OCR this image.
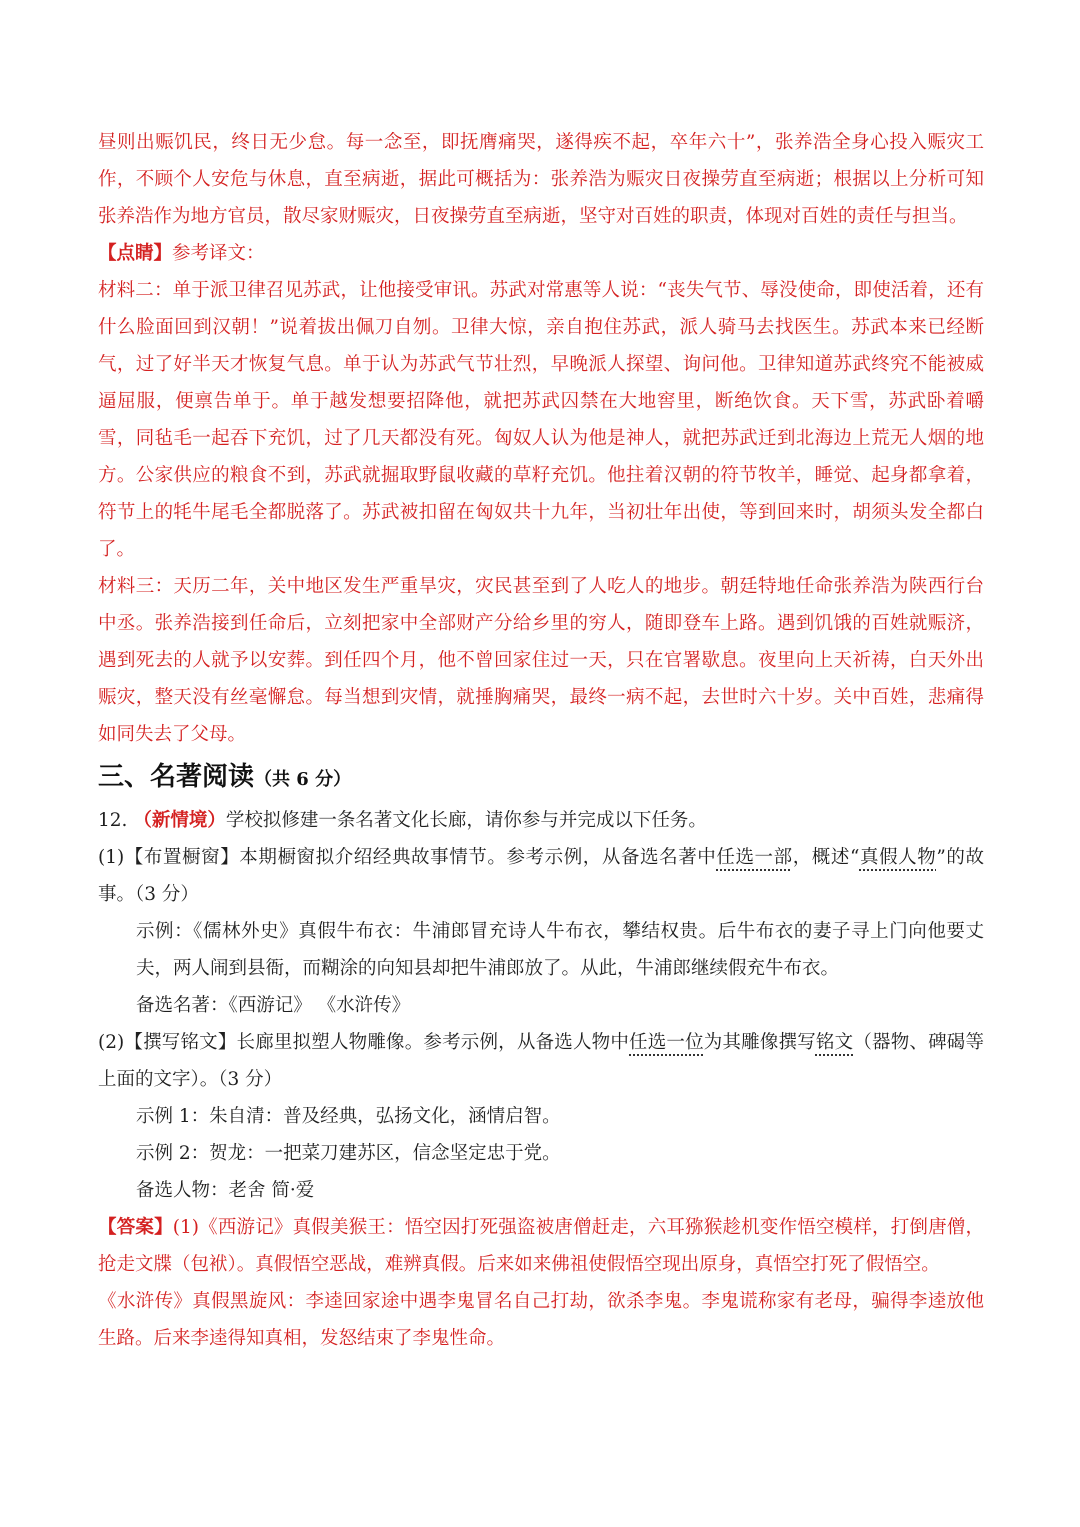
昼则出赈饥民，终日无少怠。每一念至，即抚膺痛哭，遂得疾不起，卒年六十”，张养浩全身心投入赈灾工作，不顾个人安危与休息，直至病逝，据此可概括为：张养浩为赈灾日夜操劳直至病逝；根据以上分析可知张养浩作为地方官员，散尽家财赈灾，日夜操劳直至病逝，坚守对百姓的职责，体现对百姓的责任与担当。

【点睛】参考译文：

材料二：单于派卫律召见苏武，让他接受审讯。苏武对常惠等人说：“丧失气节、辱没使命，即使活着，还有什么脸面回到汉朝！”说着拔出佩刀自刎。卫律大惊，亲自抱住苏武，派人骑马去找医生。苏武本来已经断气，过了好半天才恢复气息。单于认为苏武气节壮烈，早晚派人探望、询问他。卫律知道苏武终究不能被威逼屈服，便禀告单于。单于越发想要招降他，就把苏武囚禁在大地窖里，断绝饮食。天下雪，苏武卧着嚼雪，同毡毛一起吞下充饥，过了几天都没有死。匈奴人认为他是神人，就把苏武迁到北海边上荒无人烟的地方。公家供应的粮食不到，苏武就掘取野鼠收藏的草籽充饥。他拄着汉朝的符节牧羊，睡觉、起身都拿着，符节上的牦牛尾毛全都脱落了。苏武被扣留在匈奴共十九年，当初壮年出使，等到回来时，胡须头发全都白了。

材料三：天历二年，关中地区发生严重旱灾，灾民甚至到了人吃人的地步。朝廷特地任命张养浩为陕西行台中丞。张养浩接到任命后，立刻把家中全部财产分给乡里的穷人，随即登车上路。遇到饥饿的百姓就赈济，遇到死去的人就予以安葬。到任四个月，他不曾回家住过一天，只在官署歇息。夜里向上天祈祷，白天外出赈灾，整天没有丝毫懈怠。每当想到灾情，就捶胸痛哭，最终一病不起，去世时六十岁。关中百姓，悲痛得如同失去了父母。

三、名著阅读（共 6 分）

12. （新情境）学校拟修建一条名著文化长廊，请你参与并完成以下任务。

(1)【布置橱窗】本期橱窗拟介绍经典故事情节。参考示例，从备选名著中任选一部，概述“真假人物”的故事。（3 分）

示例：《儒林外史》真假牛布衣：牛浦郎冒充诗人牛布衣，攀结权贵。后牛布衣的妻子寻上门向他要丈夫，两人闹到县衙，而糊涂的向知县却把牛浦郎放了。从此，牛浦郎继续假充牛布衣。

备选名著：《西游记》 《水浒传》

(2)【撰写铭文】长廊里拟塑人物雕像。参考示例，从备选人物中任选一位为其雕像撰写铭文（器物、碑碣等上面的文字）。（3 分）

示例 1：朱自清：普及经典，弘扬文化，涵情启智。

示例 2：贺龙：一把菜刀建苏区，信念坚定忠于党。

备选人物：老舍 简·爱

【答案】(1)《西游记》真假美猴王：悟空因打死强盗被唐僧赶走，六耳猕猴趁机变作悟空模样，打倒唐僧，抢走文牒（包袱）。真假悟空恶战，难辨真假。后来如来佛祖使假悟空现出原身，真悟空打死了假悟空。

《水浒传》真假黑旋风：李逵回家途中遇李鬼冒名自己打劫，欲杀李鬼。李鬼谎称家有老母，骗得李逵放他生路。后来李逵得知真相，发怒结束了李鬼性命。
